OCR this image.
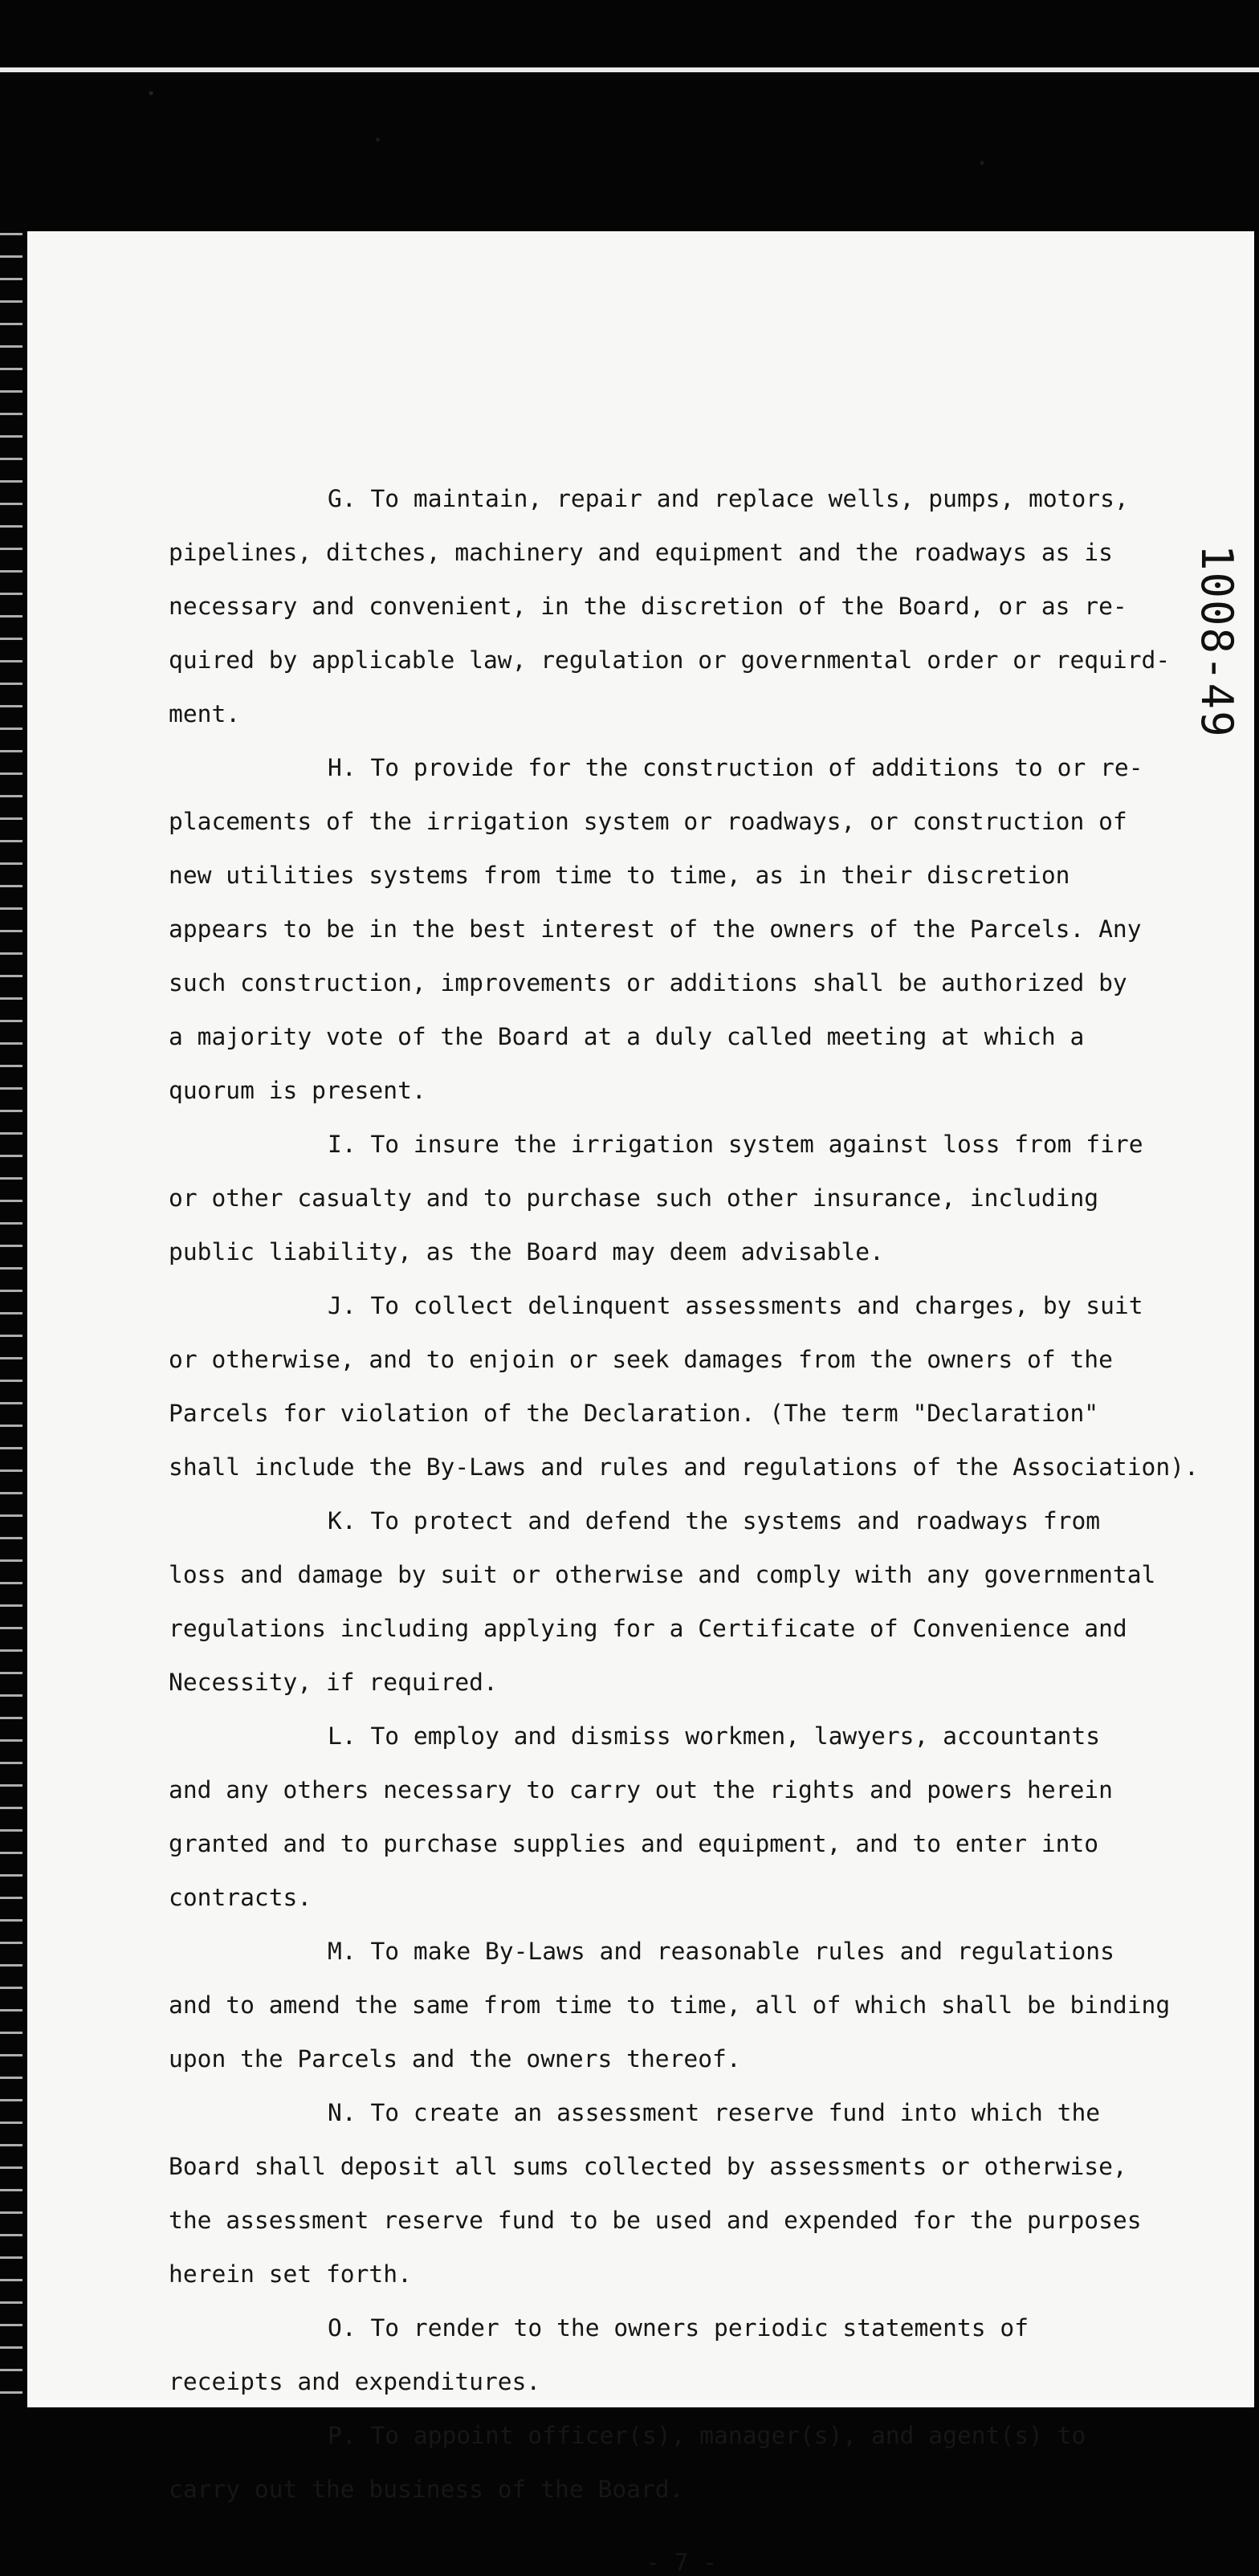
1008-49
G. To maintain, repair and replace wells, pumps, motors,
pipelines, ditches, machinery and equipment and the roadways as is
necessary and convenient, in the discretion of the Board, or as re-
quired by applicable law, regulation or governmental order or requird-
ment.
H. To provide for the construction of additions to or re-
placements of the irrigation system or roadways, or construction of
new utilities systems from time to time, as in their discretion
appears to be in the best interest of the owners of the Parcels. Any
such construction, improvements or additions shall be authorized by
a majority vote of the Board at a duly called meeting at which a
quorum is present.
I. To insure the irrigation system against loss from fire
or other casualty and to purchase such other insurance, including
public liability, as the Board may deem advisable.
J. To collect delinquent assessments and charges, by suit
or otherwise, and to enjoin or seek damages from the owners of the
Parcels for violation of the Declaration. (The term "Declaration"
shall include the By-Laws and rules and regulations of the Association).
K. To protect and defend the systems and roadways from
loss and damage by suit or otherwise and comply with any governmental
regulations including applying for a Certificate of Convenience and
Necessity, if required.
L. To employ and dismiss workmen, lawyers, accountants
and any others necessary to carry out the rights and powers herein
granted and to purchase supplies and equipment, and to enter into
contracts.
M. To make By-Laws and reasonable rules and regulations
and to amend the same from time to time, all of which shall be binding
upon the Parcels and the owners thereof.
N. To create an assessment reserve fund into which the
Board shall deposit all sums collected by assessments or otherwise,
the assessment reserve fund to be used and expended for the purposes
herein set forth.
O. To render to the owners periodic statements of
receipts and expenditures.
P. To appoint officer(s), manager(s), and agent(s) to
carry out the business of the Board.
- 7 -
